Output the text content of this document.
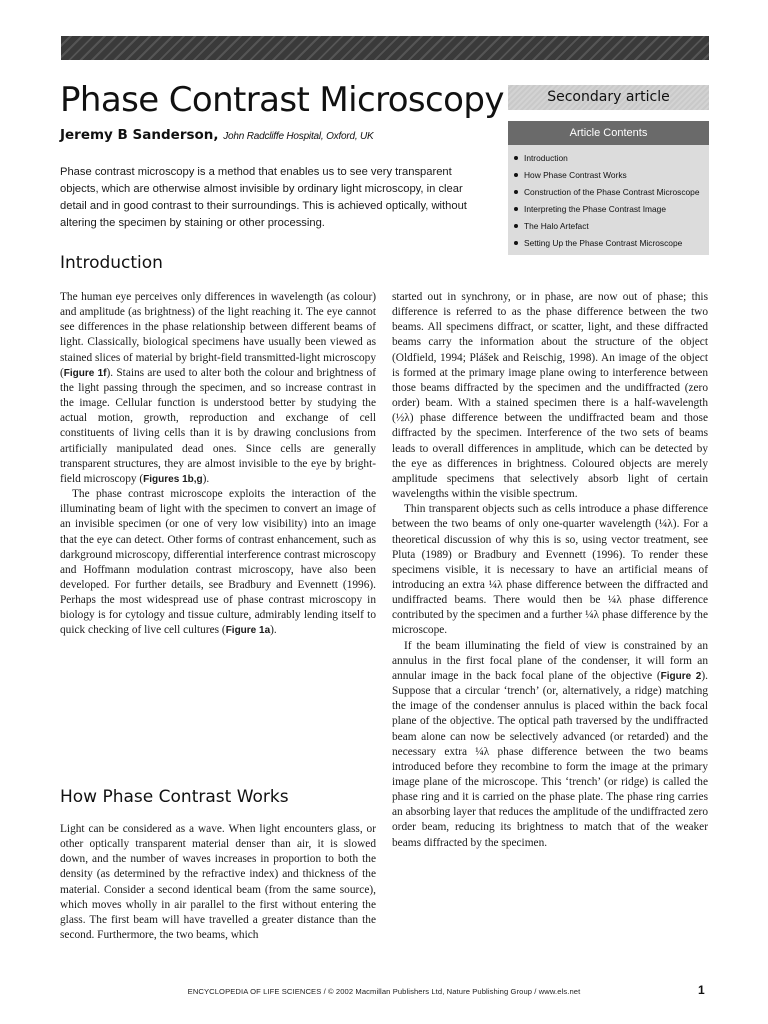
Phase Contrast Microscopy
Jeremy B Sanderson, John Radcliffe Hospital, Oxford, UK
Phase contrast microscopy is a method that enables us to see very transparent objects, which are otherwise almost invisible by ordinary light microscopy, in clear detail and in good contrast to their surroundings. This is achieved optically, without altering the specimen by staining or other processing.
Secondary article
Article Contents
Introduction
How Phase Contrast Works
Construction of the Phase Contrast Microscope
Interpreting the Phase Contrast Image
The Halo Artefact
Setting Up the Phase Contrast Microscope
Introduction

The human eye perceives only differences in wavelength (as colour) and amplitude (as brightness) of the light reaching it. The eye cannot see differences in the phase relationship between different beams of light. Classically, biological specimens have usually been viewed as stained slices of material by bright-field transmitted-light microscopy (Figure 1f). Stains are used to alter both the colour and brightness of the light passing through the specimen, and so increase contrast in the image. Cellular function is understood better by studying the actual motion, growth, reproduction and exchange of cell constituents of living cells than it is by drawing conclusions from artificially manipulated dead ones. Since cells are generally transparent structures, they are almost invisible to the eye by bright-field microscopy (Figures 1b,g).

The phase contrast microscope exploits the interaction of the illuminating beam of light with the specimen to convert an image of an invisible specimen (or one of very low visibility) into an image that the eye can detect. Other forms of contrast enhancement, such as darkground microscopy, differential interference contrast microscopy and Hoffmann modulation contrast microscopy, have also been developed. For further details, see Bradbury and Evennett (1996). Perhaps the most widespread use of phase contrast microscopy in biology is for cytology and tissue culture, admirably lending itself to quick checking of live cell cultures (Figure 1a).

How Phase Contrast Works

Light can be considered as a wave. When light encounters glass, or other optically transparent material denser than air, it is slowed down, and the number of waves increases in proportion to both the density (as determined by the refractive index) and thickness of the material. Consider a second identical beam (from the same source), which moves wholly in air parallel to the first without entering the glass. The first beam will have travelled a greater distance than the second. Furthermore, the two beams, which

started out in synchrony, or in phase, are now out of phase; this difference is referred to as the phase difference between the two beams. All specimens diffract, or scatter, light, and these diffracted beams carry the information about the structure of the object (Oldfield, 1994; Plášek and Reischig, 1998). An image of the object is formed at the primary image plane owing to interference between those beams diffracted by the specimen and the undiffracted (zero order) beam. With a stained specimen there is a half-wavelength (½λ) phase difference between the undiffracted beam and those diffracted by the specimen. Interference of the two sets of beams leads to overall differences in amplitude, which can be detected by the eye as differences in brightness. Coloured objects are merely amplitude specimens that selectively absorb light of certain wavelengths within the visible spectrum.

Thin transparent objects such as cells introduce a phase difference between the two beams of only one-quarter wavelength (¼λ). For a theoretical discussion of why this is so, using vector treatment, see Pluta (1989) or Bradbury and Evennett (1996). To render these specimens visible, it is necessary to have an artificial means of introducing an extra ¼λ phase difference between the diffracted and undiffracted beams. There would then be ¼λ phase difference contributed by the specimen and a further ¼λ phase difference by the microscope.

If the beam illuminating the field of view is constrained by an annulus in the first focal plane of the condenser, it will form an annular image in the back focal plane of the objective (Figure 2). Suppose that a circular ‘trench’ (or, alternatively, a ridge) matching the image of the condenser annulus is placed within the back focal plane of the objective. The optical path traversed by the undiffracted beam alone can now be selectively advanced (or retarded) and the necessary extra ¼λ phase difference between the two beams introduced before they recombine to form the image at the primary image plane of the microscope. This ‘trench’ (or ridge) is called the phase ring and it is carried on the phase plate. The phase ring carries an absorbing layer that reduces the amplitude of the undiffracted zero order beam, reducing its brightness to match that of the weaker beams diffracted by the specimen.

ENCYCLOPEDIA OF LIFE SCIENCES / © 2002 Macmillan Publishers Ltd, Nature Publishing Group / www.els.net	1
